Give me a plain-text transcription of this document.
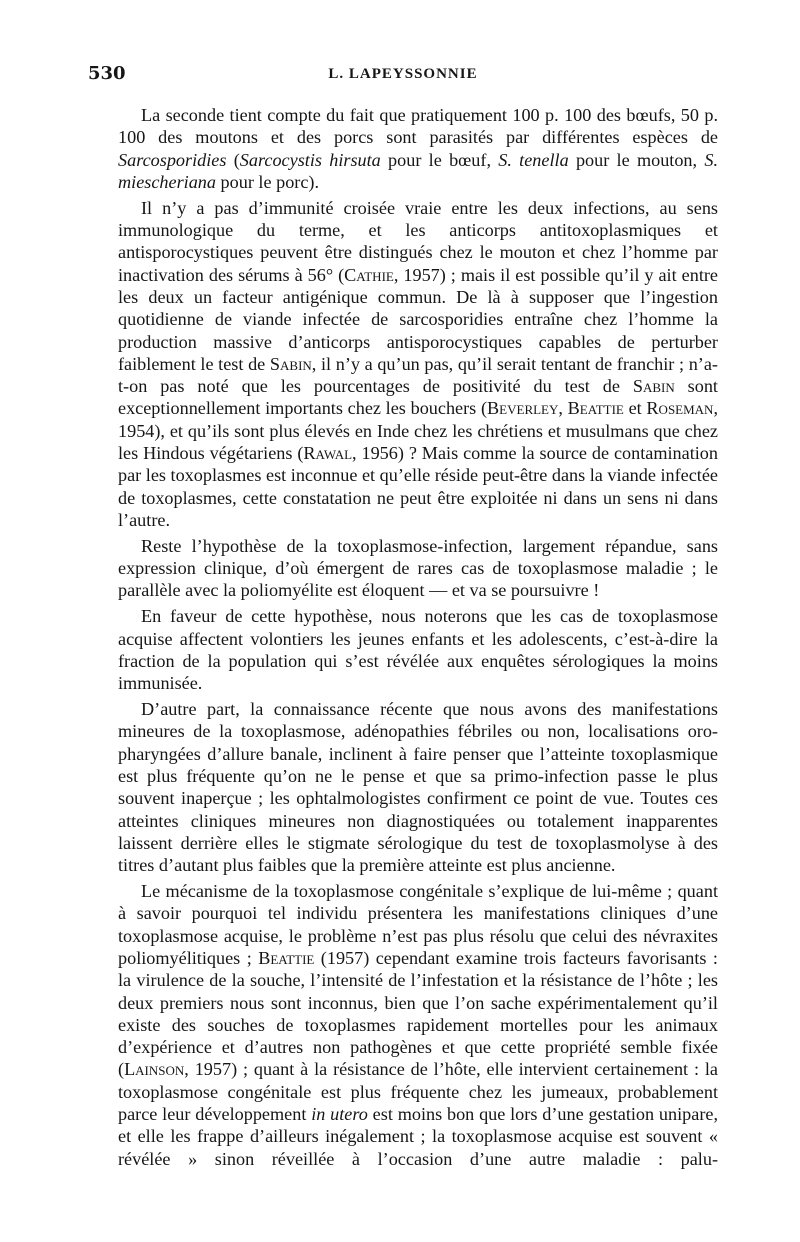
530	L. LAPEYSSONNIE

La seconde tient compte du fait que pratiquement 100 p. 100 des bœufs, 50 p. 100 des moutons et des porcs sont parasités par différentes espèces de Sarcosporidies (Sarcocystis hirsuta pour le bœuf, S. tenella pour le mouton, S. miescheriana pour le porc).

Il n’y a pas d’immunité croisée vraie entre les deux infections, au sens immunologique du terme, et les anticorps antitoxoplasmiques et antisporocystiques peuvent être distingués chez le mouton et chez l’homme par inactivation des sérums à 56° (Cathie, 1957) ; mais il est possible qu’il y ait entre les deux un facteur antigénique commun. De là à supposer que l’ingestion quotidienne de viande infectée de sarcosporidies entraîne chez l’homme la production massive d’anticorps antisporocystiques capables de perturber faiblement le test de Sabin, il n’y a qu’un pas, qu’il serait tentant de franchir ; n’a-t-on pas noté que les pourcentages de positivité du test de Sabin sont exceptionnellement importants chez les bouchers (Beverley, Beattie et Roseman, 1954), et qu’ils sont plus élevés en Inde chez les chrétiens et musulmans que chez les Hindous végétariens (Rawal, 1956) ? Mais comme la source de contamination par les toxoplasmes est inconnue et qu’elle réside peut-être dans la viande infectée de toxoplasmes, cette constatation ne peut être exploitée ni dans un sens ni dans l’autre.

Reste l’hypothèse de la toxoplasmose-infection, largement répandue, sans expression clinique, d’où émergent de rares cas de toxoplasmose maladie ; le parallèle avec la poliomyélite est éloquent — et va se poursuivre !

En faveur de cette hypothèse, nous noterons que les cas de toxoplasmose acquise affectent volontiers les jeunes enfants et les adolescents, c’est-à-dire la fraction de la population qui s’est révélée aux enquêtes sérologiques la moins immunisée.

D’autre part, la connaissance récente que nous avons des manifestations mineures de la toxoplasmose, adénopathies fébriles ou non, localisations oro-pharyngées d’allure banale, inclinent à faire penser que l’atteinte toxoplasmique est plus fréquente qu’on ne le pense et que sa primo-infection passe le plus souvent inaperçue ; les ophtalmologistes confirment ce point de vue. Toutes ces atteintes cliniques mineures non diagnostiquées ou totalement inapparentes laissent derrière elles le stigmate sérologique du test de toxoplasmolyse à des titres d’autant plus faibles que la première atteinte est plus ancienne.

Le mécanisme de la toxoplasmose congénitale s’explique de lui-même ; quant à savoir pourquoi tel individu présentera les manifestations cliniques d’une toxoplasmose acquise, le problème n’est pas plus résolu que celui des névraxites poliomyélitiques ; Beattie (1957) cependant examine trois facteurs favorisants : la virulence de la souche, l’intensité de l’infestation et la résistance de l’hôte ; les deux premiers nous sont inconnus, bien que l’on sache expérimentalement qu’il existe des souches de toxoplasmes rapidement mortelles pour les animaux d’expérience et d’autres non pathogènes et que cette propriété semble fixée (Lainson, 1957) ; quant à la résistance de l’hôte, elle intervient certainement : la toxoplasmose congénitale est plus fréquente chez les jumeaux, probablement parce leur développement in utero est moins bon que lors d’une gestation unipare, et elle les frappe d’ailleurs inégalement ; la toxoplasmose acquise est souvent « révélée » sinon réveillée à l’occasion d’une autre maladie : palu-
